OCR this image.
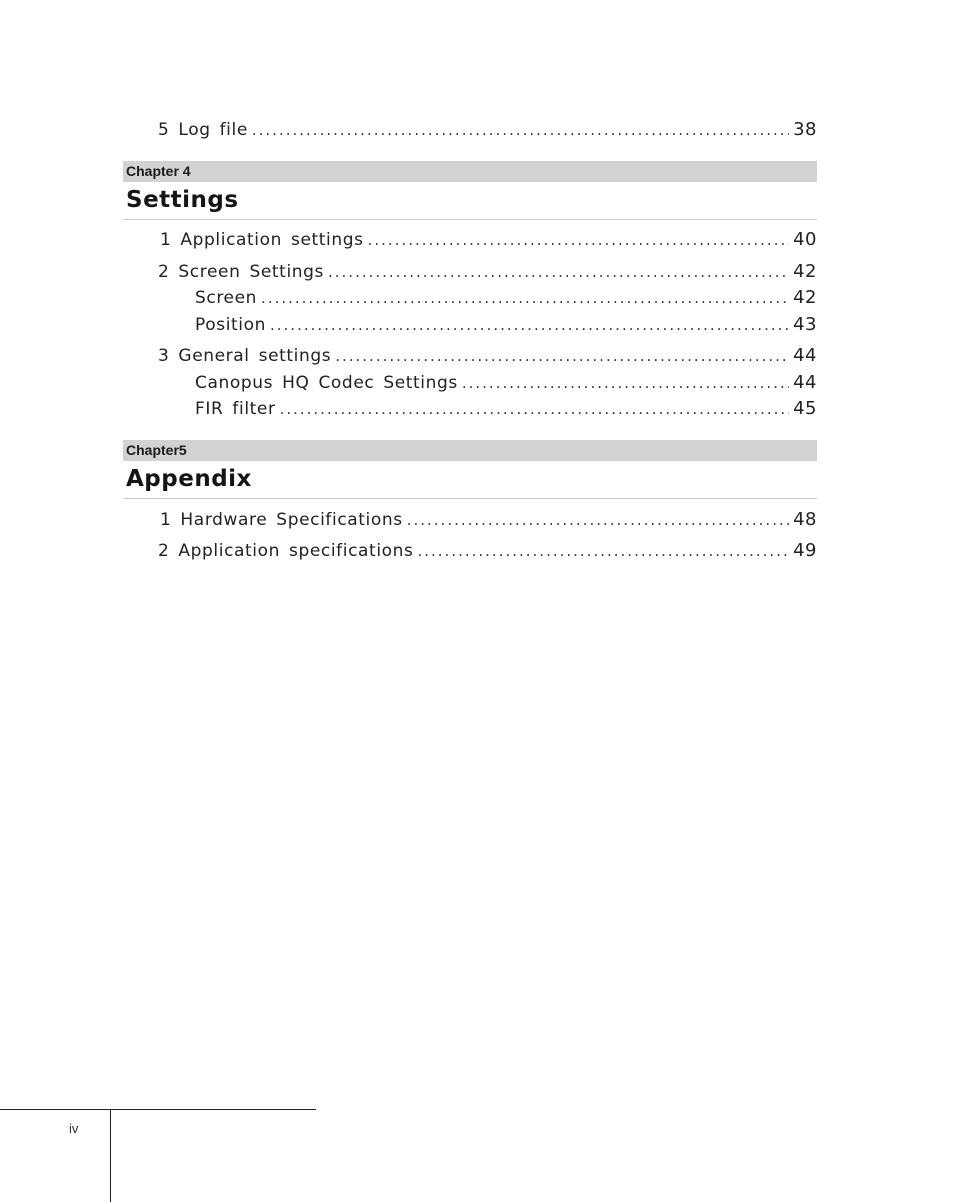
5 Log file .....	38
Chapter 4
Settings
1 Application settings .....	40
2 Screen Settings .....	42
Screen .....	42
Position .....	43
3 General settings .....	44
Canopus HQ Codec Settings .....	44
FIR filter .....	45
Chapter5
Appendix
1 Hardware Specifications .....	48
2 Application specifications .....	49
iv
